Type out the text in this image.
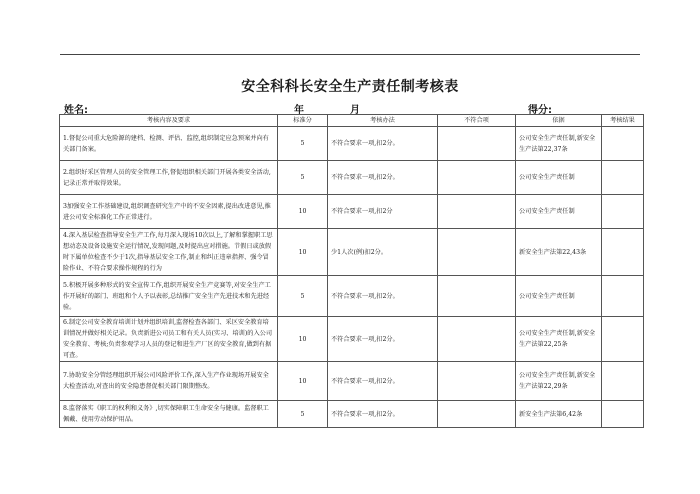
安全科科长安全生产责任制考核表
姓名:	年	月	得分:
考核内容及要求	标准分	考核办法	不符合项	依据	考核结果
1.督促公司重大危险源的建档、检测、评估、监控,组织制定应急预案并向有关部门备案。	5	不符合要求一项,扣2分。		公司安全生产责任制,新安全生产法第22,37条	
2.组织好采区管理人员的安全管理工作,督促组织相关部门开展各类安全活动,记录正常并取得效果。	5	不符合要求一项,扣2分。		公司安全生产责任制	
3加强安全工作基础建设,组织调查研究生产中的不安全因素,提出改进意见,推进公司安全标准化工作正常进行。	10	不符合要求一项,扣2分		公司安全生产责任制	
4.深入基层检查指导安全生产工作,每月深入现场10次以上,了解和掌握职工思想动态及设备设施安全运行情况,发现问题,及时提出应对措施。节假日或放假时下属单位检查不少于1次,指导基层安全工作,制止和纠正违章指挥、强令冒险作业、不符合要求操作规程的行为	10	少1人次(例)扣2分。		新安全生产法第22,43条	
5.积极开展多种形式的安全宣传工作,组织开展安全生产竞赛等,对安全生产工作开展好的部门、班组和个人予以表彰,总结推广安全生产先进技术和先进经验。	5	不符合要求一项,扣2分。		公司安全生产责任制	
6.制定公司安全教育培训计划并组织培训,监督检查各部门、采区安全教育培训情况并做好相关记录。负责新进公司员工和有关人员(实习、培训)的入公司安全教育、考核;负责参观学习人员的登记和进生产厂区的安全教育,做到有据可查。	10	不符合要求一项,扣2分。		公司安全生产责任制,新安全生产法第22,25条	
7.协助安全分管经理组织开展公司风险评价工作,深入生产作业现场开展安全大检查活动,对查出的安全隐患督促相关部门限期整改。	10	不符合要求一项,扣2分。		公司安全生产责任制,新安全生产法第22,29条	
8.监督落实《职工的权利和义务》,切实保障职工生命安全与健康。监督职工佩戴、使用劳动保护用品。	5	不符合要求一项,扣2分。		新安全生产法第6,42条	
